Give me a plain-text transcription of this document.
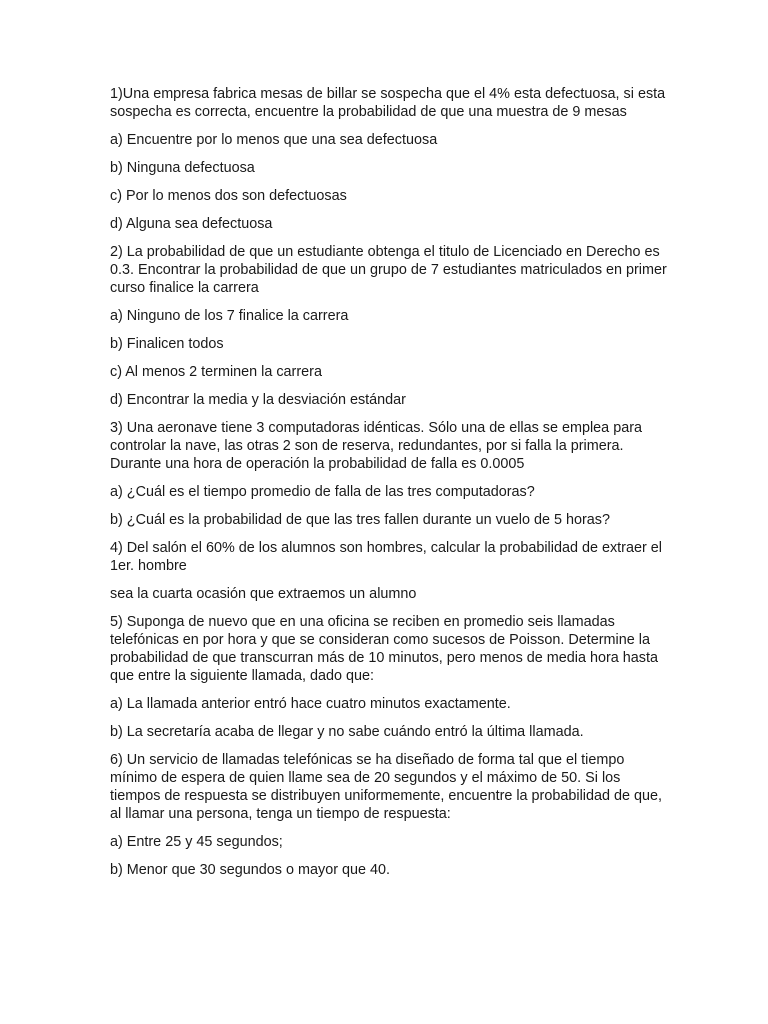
1)Una empresa fabrica mesas de billar se sospecha que el 4% esta defectuosa, si esta sospecha es correcta, encuentre la probabilidad de que una muestra de 9 mesas

a) Encuentre por lo menos que una sea defectuosa

b) Ninguna defectuosa

c) Por lo menos dos son defectuosas

d) Alguna sea defectuosa

2) La probabilidad de que un estudiante obtenga el titulo de Licenciado en Derecho es 0.3. Encontrar la probabilidad de que un grupo de 7 estudiantes matriculados en primer curso finalice la carrera

a) Ninguno de los 7 finalice la carrera

b) Finalicen todos

c) Al menos 2 terminen la carrera

d) Encontrar la media y la desviación estándar

3) Una aeronave tiene 3 computadoras idénticas. Sólo una de ellas se emplea para controlar la nave, las otras 2 son de reserva, redundantes, por si falla la primera. Durante una hora de operación la probabilidad de falla es 0.0005

a) ¿Cuál es el tiempo promedio de falla de las tres computadoras?

b) ¿Cuál es la probabilidad de que las tres fallen durante un vuelo de 5 horas?

4) Del salón el 60% de los alumnos son hombres, calcular la probabilidad de extraer el 1er. hombre

sea la cuarta ocasión que extraemos un alumno

5) Suponga de nuevo que en una oficina se reciben en promedio seis llamadas telefónicas en por hora y que se consideran como sucesos de Poisson. Determine la probabilidad de que transcurran más de 10 minutos, pero menos de media hora hasta que entre la siguiente llamada, dado que:

a) La llamada anterior entró hace cuatro minutos exactamente.

b) La secretaría acaba de llegar y no sabe cuándo entró la última llamada.

6) Un servicio de llamadas telefónicas se ha diseñado de forma tal que el tiempo mínimo de espera de quien llame sea de 20 segundos y el máximo de 50. Si los tiempos de respuesta se distribuyen uniformemente, encuentre la probabilidad de que, al llamar una persona, tenga un tiempo de respuesta:

a) Entre 25 y 45 segundos;

b) Menor que 30 segundos o mayor que 40.
